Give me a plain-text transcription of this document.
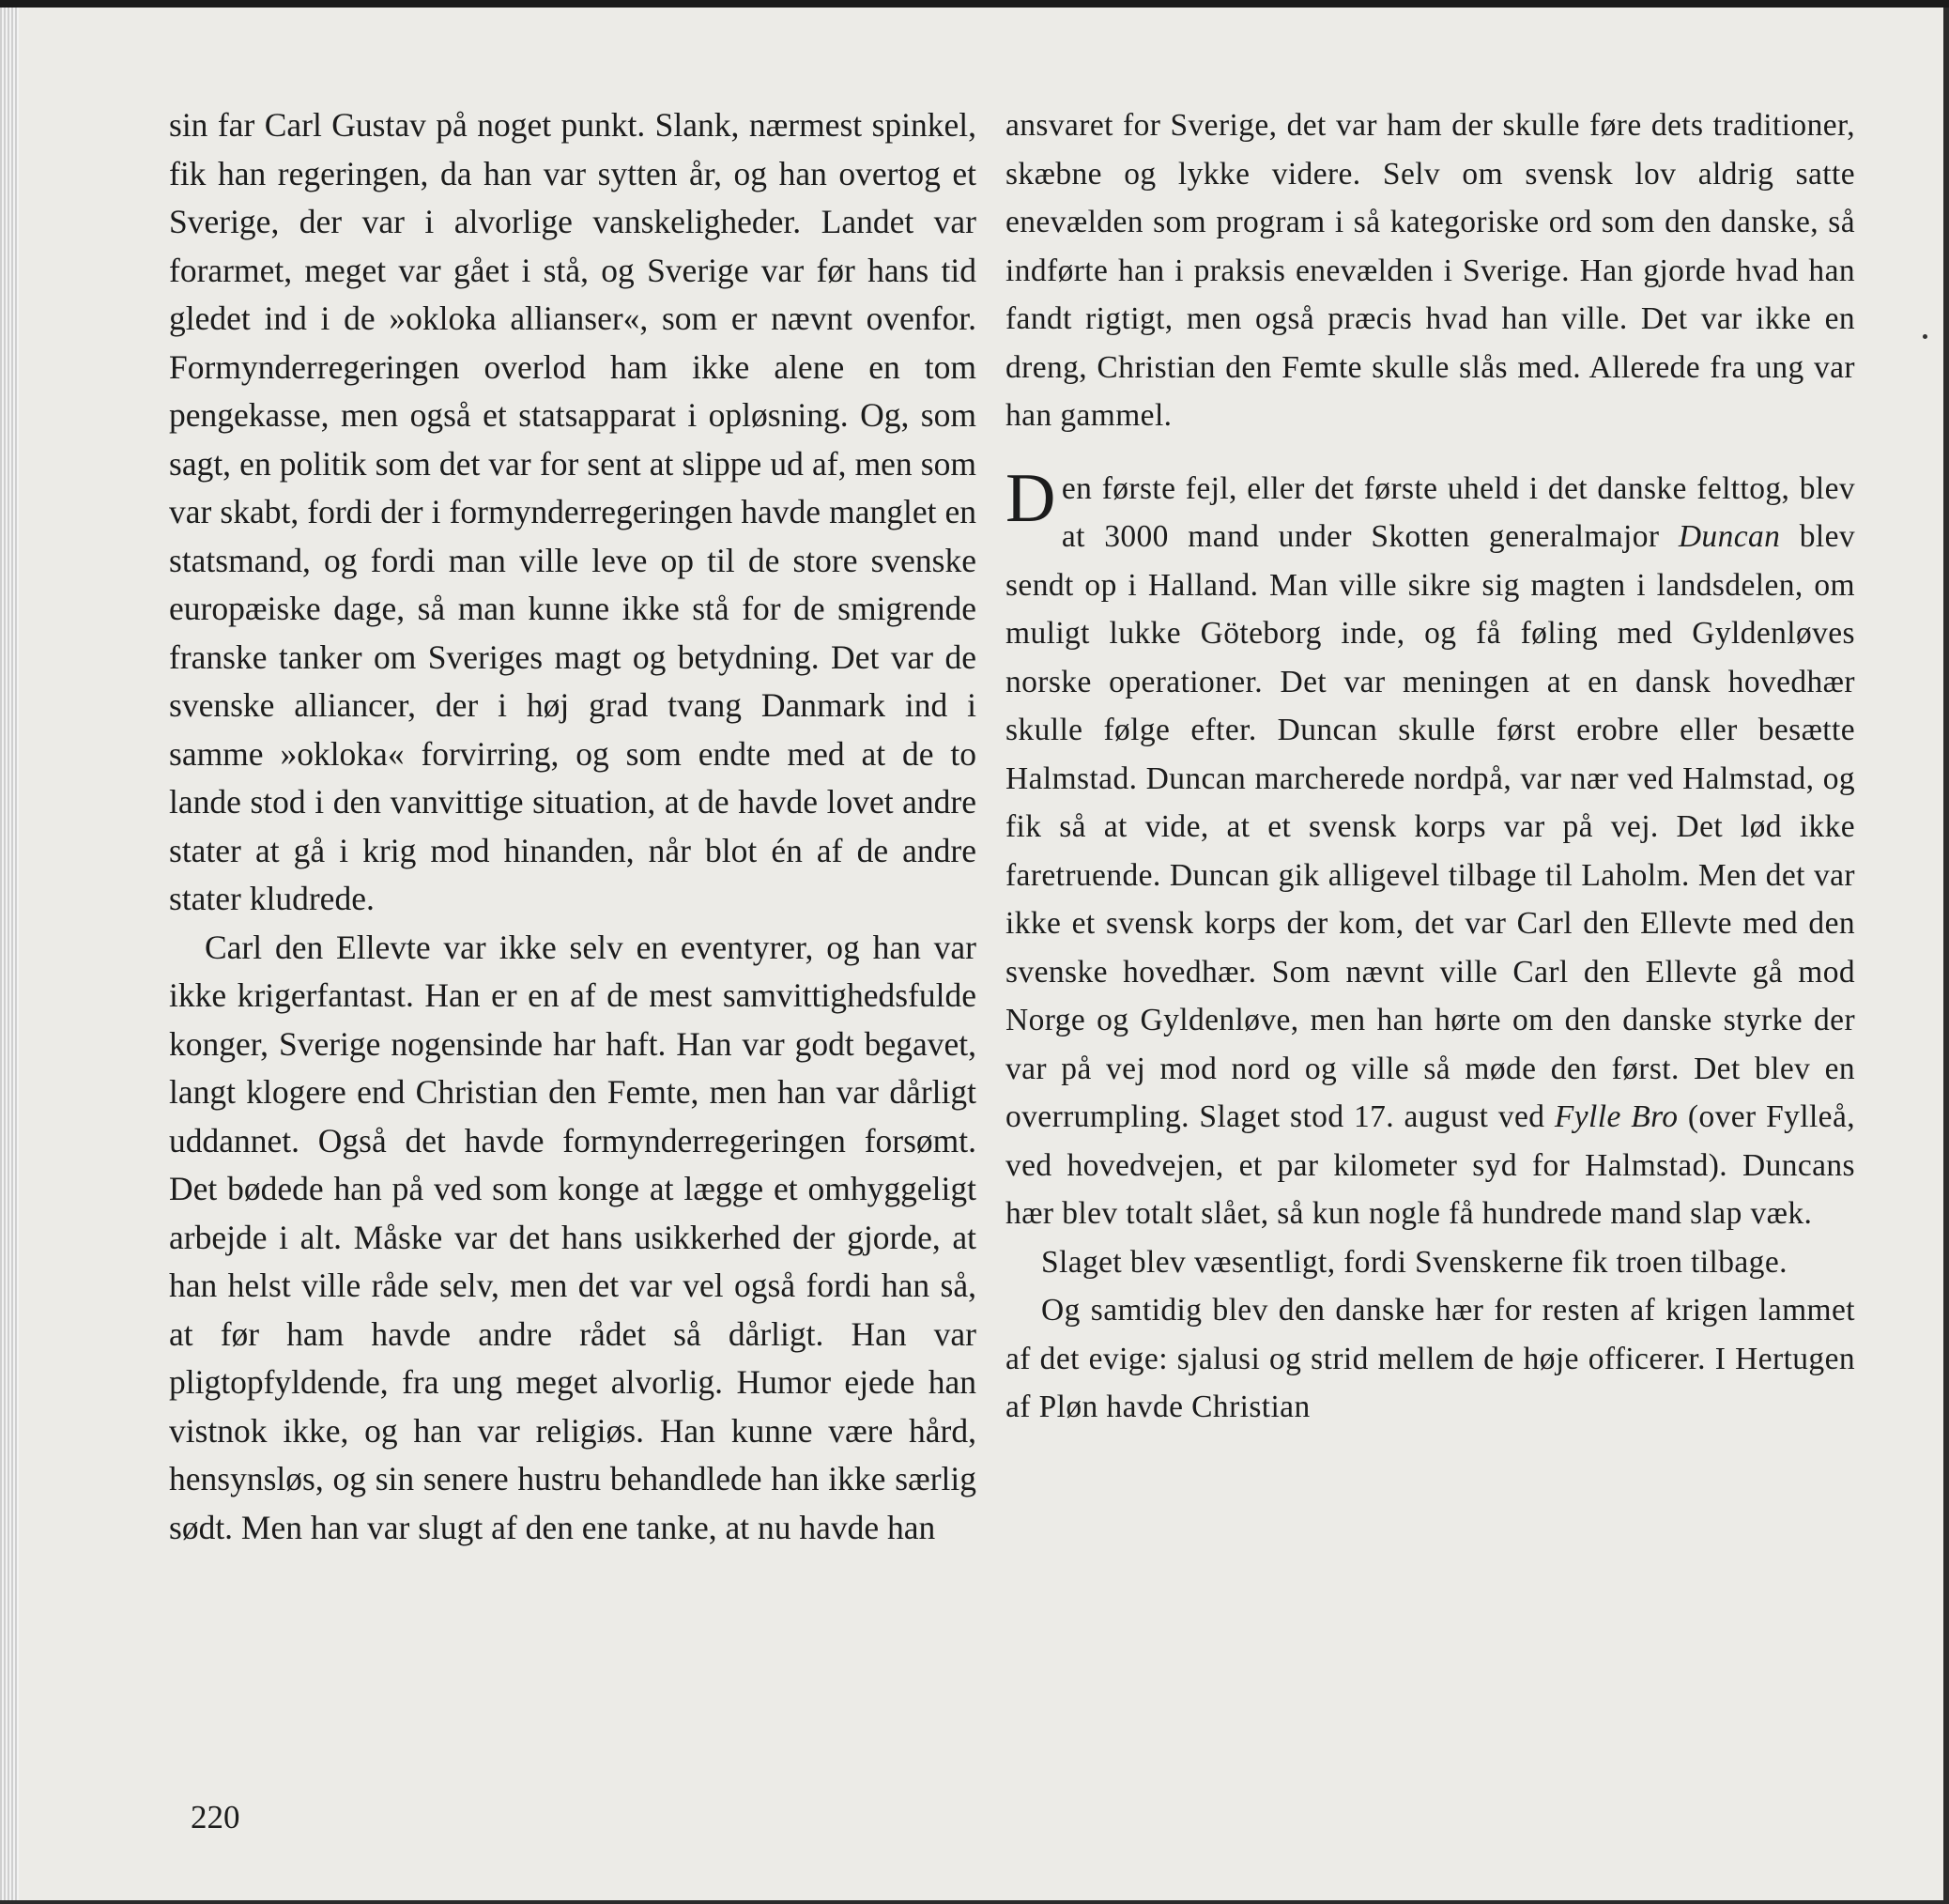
sin far Carl Gustav på noget punkt. Slank, nærmest spinkel, fik han regeringen, da han var sytten år, og han overtog et Sverige, der var i alvorlige vanskeligheder. Landet var forarmet, meget var gået i stå, og Sverige var før hans tid gledet ind i de »okloka allianser«, som er nævnt ovenfor. Formynderregeringen overlod ham ikke alene en tom pengekasse, men også et statsapparat i opløsning. Og, som sagt, en politik som det var for sent at slippe ud af, men som var skabt, fordi der i formynderregeringen havde manglet en statsmand, og fordi man ville leve op til de store svenske europæiske dage, så man kunne ikke stå for de smigrende franske tanker om Sveriges magt og betydning. Det var de svenske alliancer, der i høj grad tvang Danmark ind i samme »okloka« forvirring, og som endte med at de to lande stod i den vanvittige situation, at de havde lovet andre stater at gå i krig mod hinanden, når blot én af de andre stater kludrede.

Carl den Ellevte var ikke selv en eventyrer, og han var ikke krigerfantast. Han er en af de mest samvittighedsfulde konger, Sverige nogensinde har haft. Han var godt begavet, langt klogere end Christian den Femte, men han var dårligt uddannet. Også det havde formynderregeringen forsømt. Det bødede han på ved som konge at lægge et omhyggeligt arbejde i alt. Måske var det hans usikkerhed der gjorde, at han helst ville råde selv, men det var vel også fordi han så, at før ham havde andre rådet så dårligt. Han var pligtopfyldende, fra ung meget alvorlig. Humor ejede han vistnok ikke, og han var religiøs. Han kunne være hård, hensynsløs, og sin senere hustru behandlede han ikke særlig sødt. Men han var slugt af den ene tanke, at nu havde han

ansvaret for Sverige, det var ham der skulle føre dets traditioner, skæbne og lykke videre. Selv om svensk lov aldrig satte enevælden som program i så kategoriske ord som den danske, så indførte han i praksis enevælden i Sverige. Han gjorde hvad han fandt rigtigt, men også præcis hvad han ville. Det var ikke en dreng, Christian den Femte skulle slås med. Allerede fra ung var han gammel.

Den første fejl, eller det første uheld i det danske felttog, blev at 3000 mand under Skotten generalmajor Duncan blev sendt op i Halland. Man ville sikre sig magten i landsdelen, om muligt lukke Göteborg inde, og få føling med Gyldenløves norske operationer. Det var meningen at en dansk hovedhær skulle følge efter. Duncan skulle først erobre eller besætte Halmstad. Duncan marcherede nordpå, var nær ved Halmstad, og fik så at vide, at et svensk korps var på vej. Det lød ikke faretruende. Duncan gik alligevel tilbage til Laholm. Men det var ikke et svensk korps der kom, det var Carl den Ellevte med den svenske hovedhær. Som nævnt ville Carl den Ellevte gå mod Norge og Gyldenløve, men han hørte om den danske styrke der var på vej mod nord og ville så møde den først. Det blev en overrumpling. Slaget stod 17. august ved Fylle Bro (over Fylleå, ved hovedvejen, et par kilometer syd for Halmstad). Duncans hær blev totalt slået, så kun nogle få hundrede mand slap væk.

Slaget blev væsentligt, fordi Svenskerne fik troen tilbage.

Og samtidig blev den danske hær for resten af krigen lammet af det evige: sjalusi og strid mellem de høje officerer. I Hertugen af Pløn havde Christian

220
